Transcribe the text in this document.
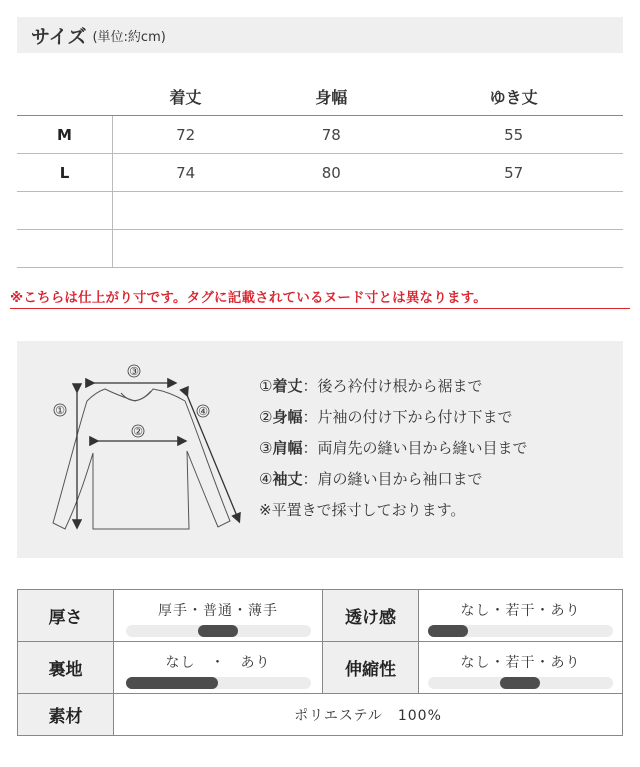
サイズ (単位:約cm)
	着丈	身幅	ゆき丈
M	72	78	55
L	74	80	57

※こちらは仕上がり寸です。タグに記載されているヌード寸とは異なります。
③
①
②
④
①着丈：後ろ衿付け根から裾まで
②身幅：片袖の付け下から付け下まで
③肩幅：両肩先の縫い目から縫い目まで
④袖丈：肩の縫い目から袖口まで
※平置きで採寸しております。
厚さ	厚手・普通・薄手	透け感	なし・若干・あり

裏地	なし　・　あり	伸縮性	なし・若干・あり

素材	ポリエステル　100%		
